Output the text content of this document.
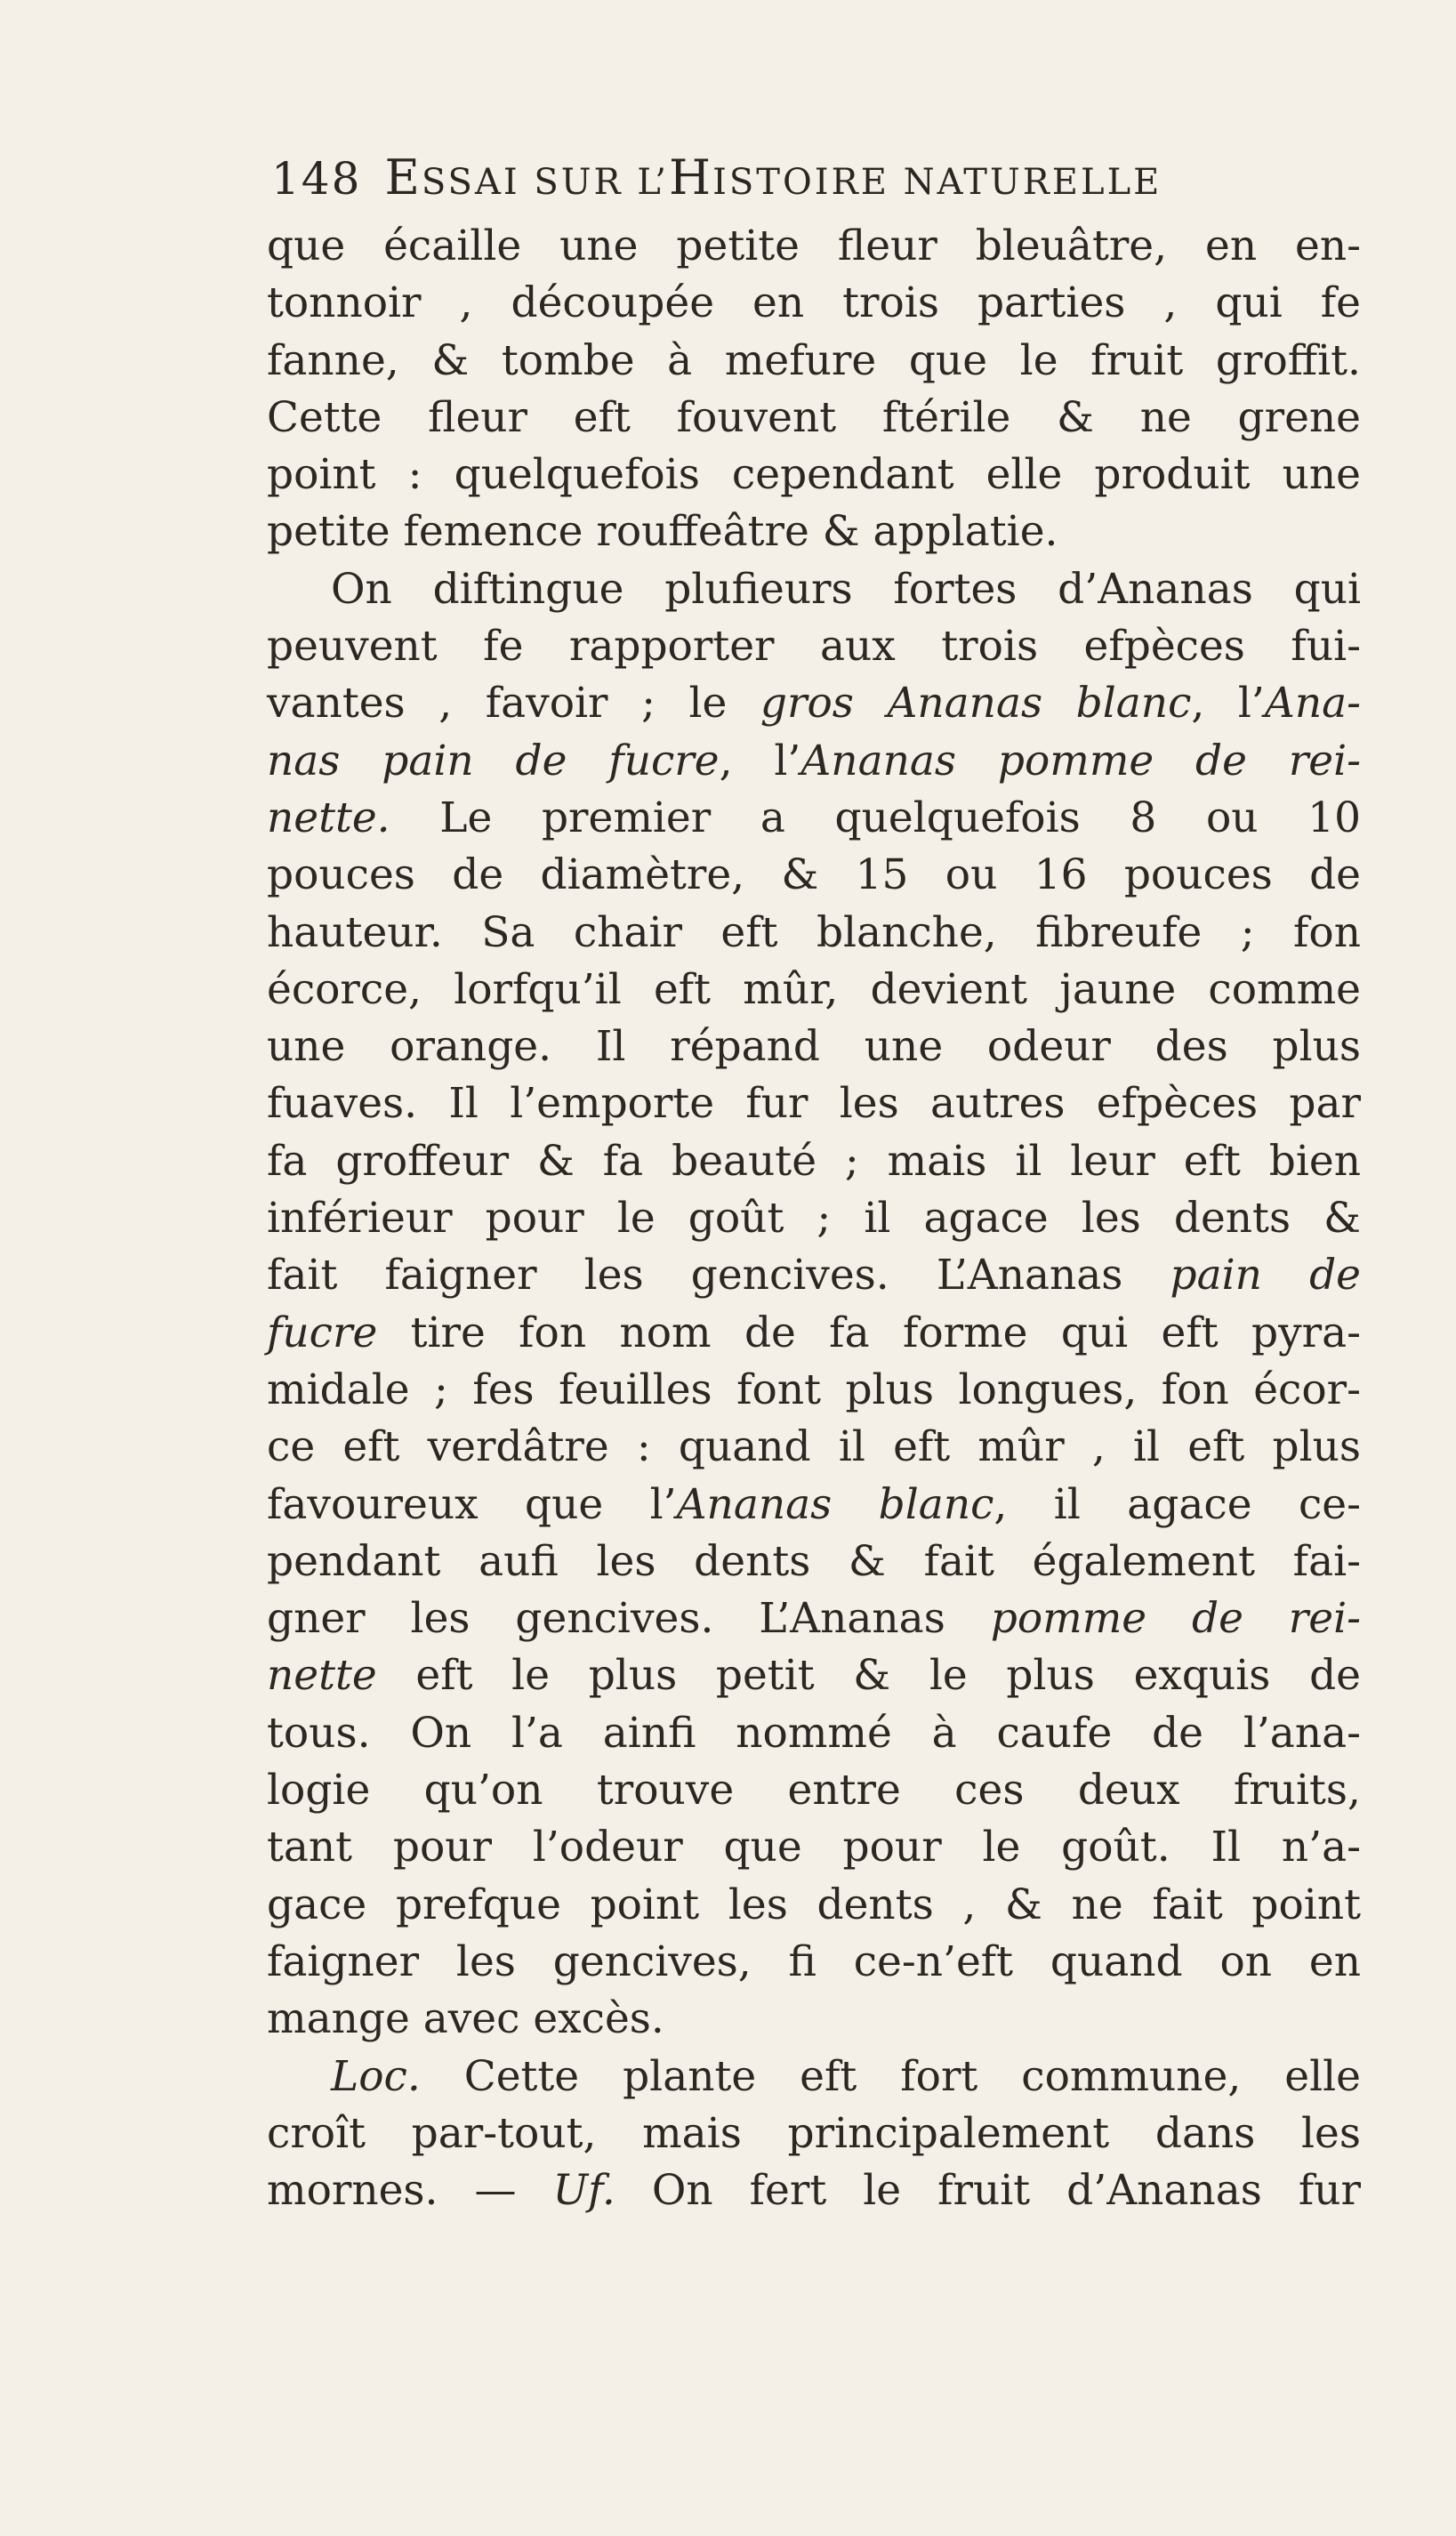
148 ESSAI SUR L’HISTOIRE NATURELLE
que écaille une petite fleur bleuâtre, en en-
tonnoir , découpée en trois parties , qui fe
fanne, & tombe à mefure que le fruit groffit.
Cette fleur eft fouvent ftérile & ne grene
point : quelquefois cependant elle produit une
petite femence rouffeâtre & applatie.
On diftingue plufieurs fortes d’Ananas qui
peuvent fe rapporter aux trois efpèces fui-
vantes , favoir ; le gros Ananas blanc, l’Ana-
nas pain de fucre, l’Ananas pomme de rei-
nette. Le premier a quelquefois 8 ou 10
pouces de diamètre, & 15 ou 16 pouces de
hauteur. Sa chair eft blanche, fibreufe ; fon
écorce, lorfqu’il eft mûr, devient jaune comme
une orange. Il répand une odeur des plus
fuaves. Il l’emporte fur les autres efpèces par
fa groffeur & fa beauté ; mais il leur eft bien
inférieur pour le goût ; il agace les dents &
fait faigner les gencives. L’Ananas pain de
fucre tire fon nom de fa forme qui eft pyra-
midale ; fes feuilles font plus longues, fon écor-
ce eft verdâtre : quand il eft mûr , il eft plus
favoureux que l’Ananas blanc, il agace ce-
pendant aufi les dents & fait également fai-
gner les gencives. L’Ananas pomme de rei-
nette eft le plus petit & le plus exquis de
tous. On l’a ainfi nommé à caufe de l’ana-
logie qu’on trouve entre ces deux fruits,
tant pour l’odeur que pour le goût. Il n’a-
gace prefque point les dents , & ne fait point
faigner les gencives, fi ce-n’eft quand on en
mange avec excès.
Loc. Cette plante eft fort commune, elle
croît par-tout, mais principalement dans les
mornes. — Uf. On fert le fruit d’Ananas fur
